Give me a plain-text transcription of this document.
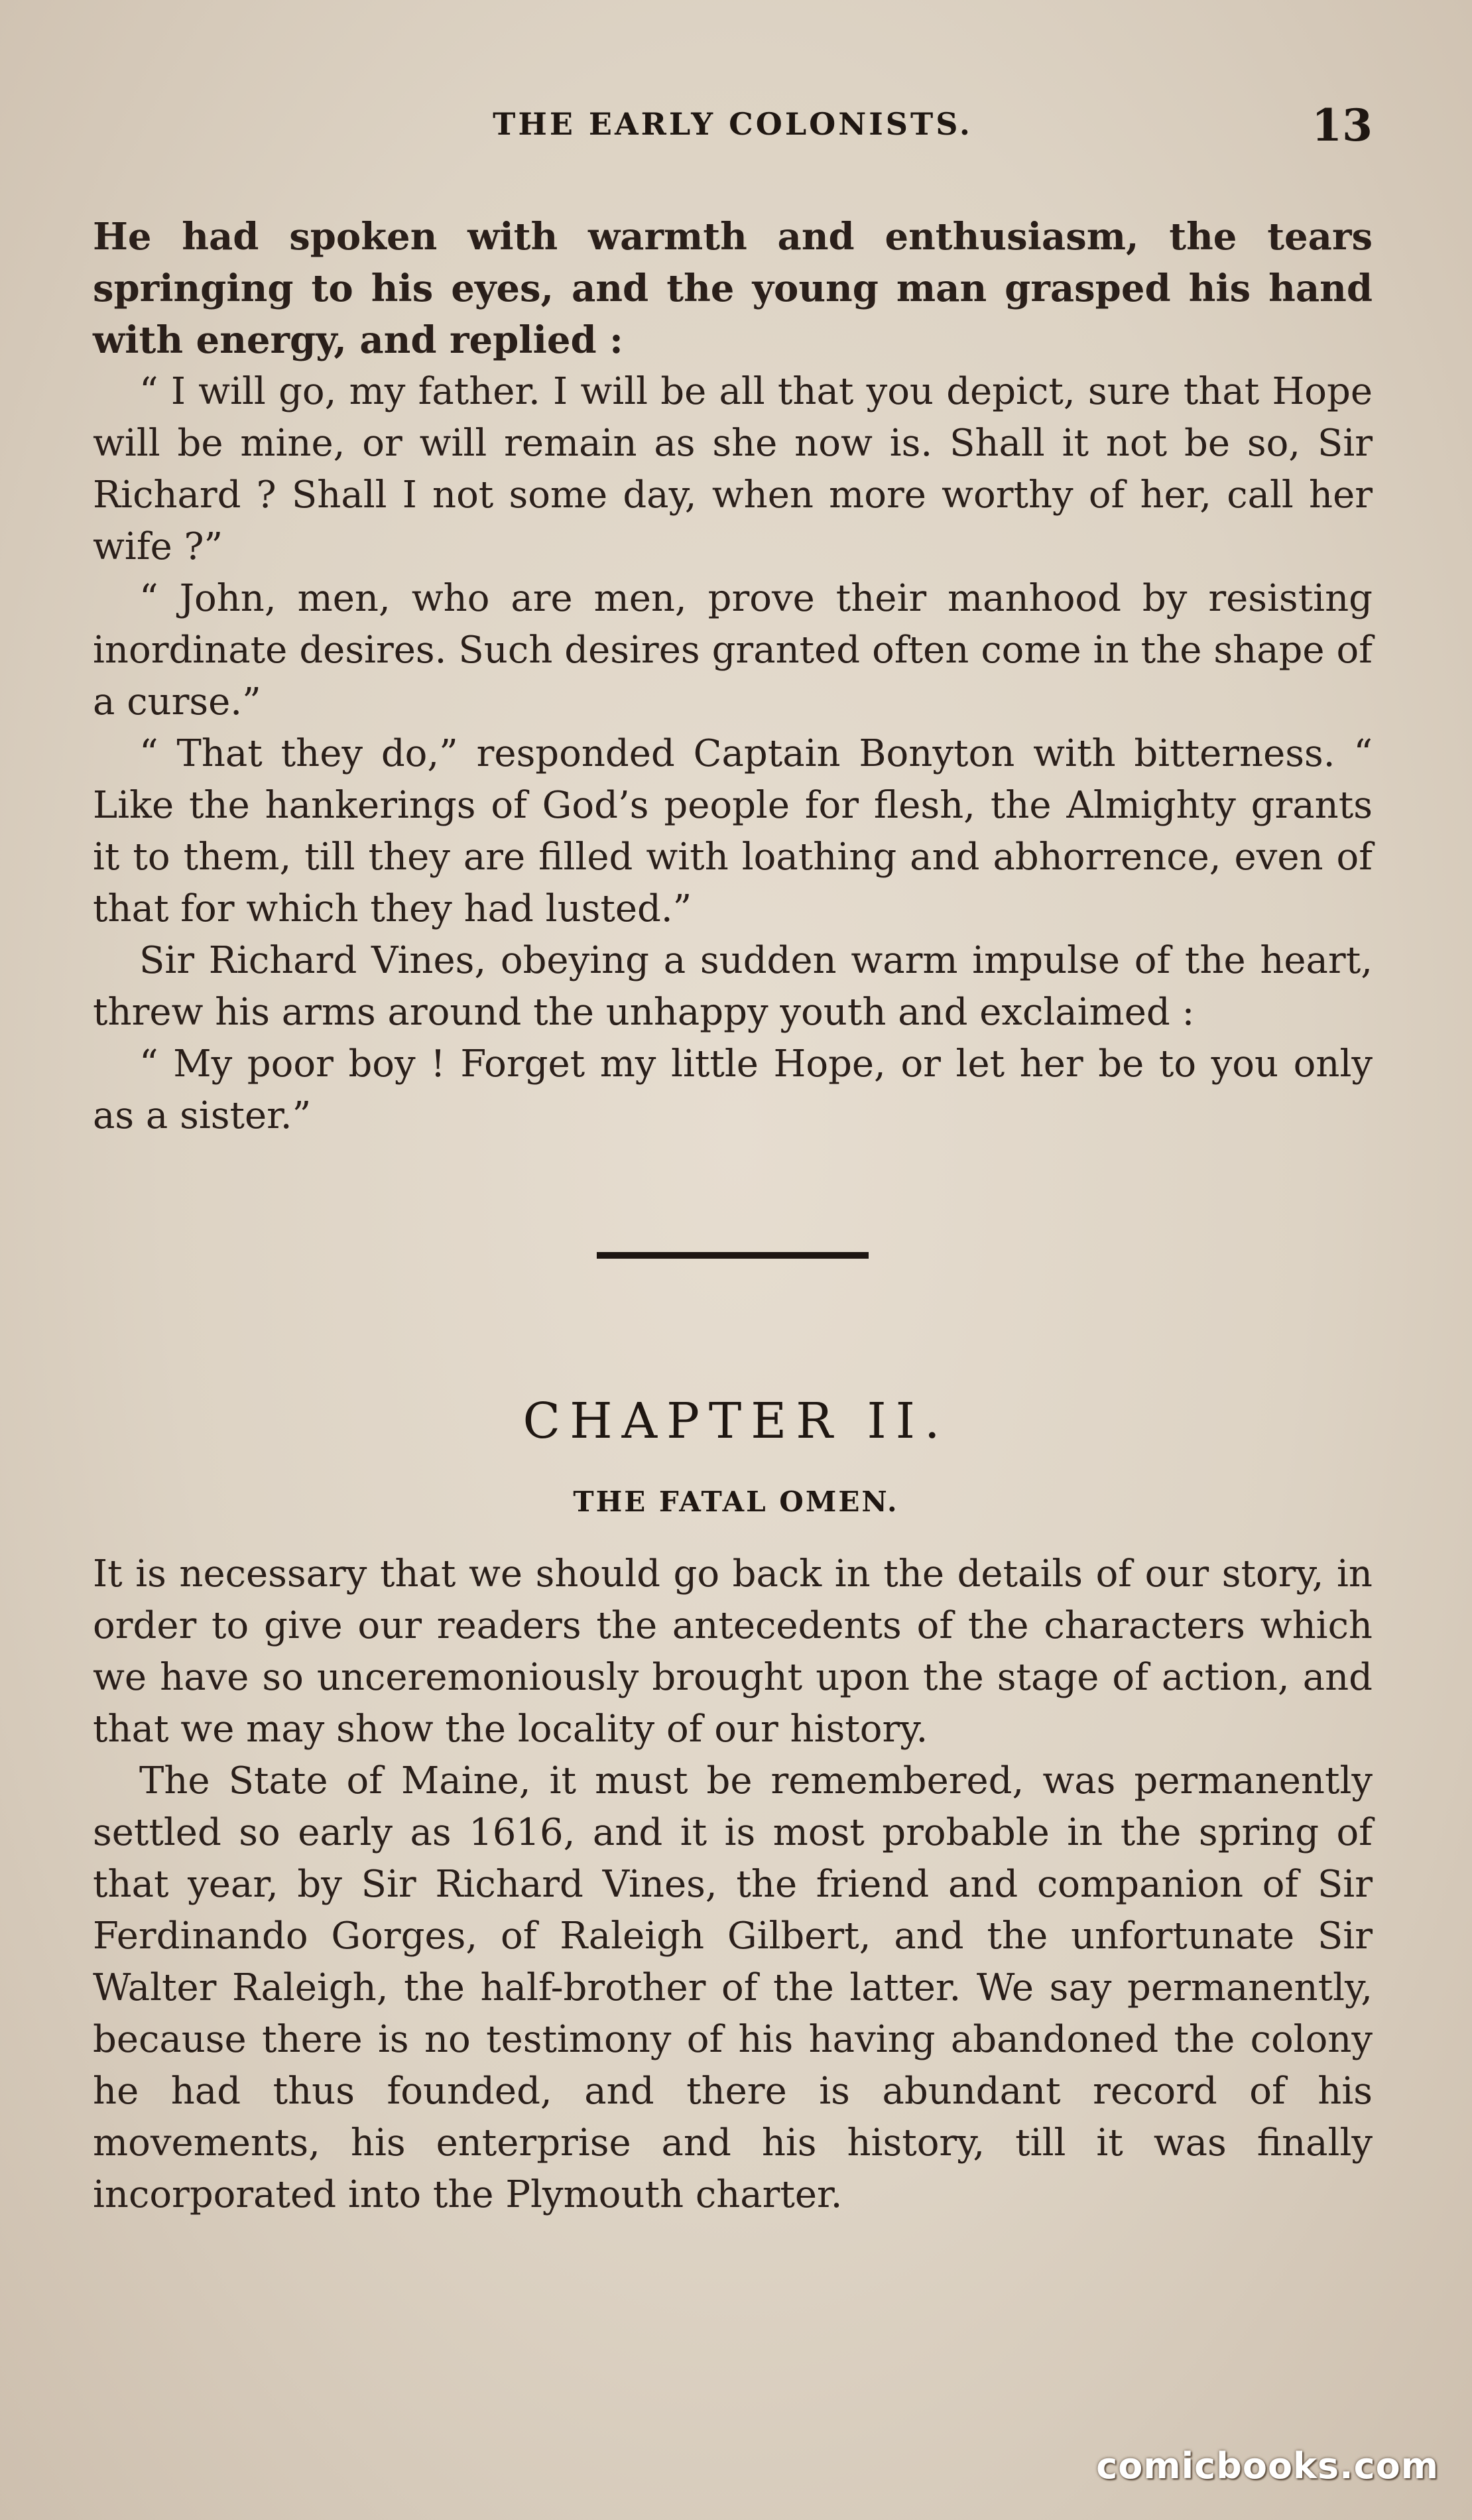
THE EARLY COLONISTS.	13

He had spoken with warmth and enthusiasm, the tears springing to his eyes, and the young man grasped his hand with energy, and replied :

“ I will go, my father. I will be all that you depict, sure that Hope will be mine, or will remain as she now is. Shall it not be so, Sir Richard ? Shall I not some day, when more worthy of her, call her wife ?”

“ John, men, who are men, prove their manhood by resisting inordinate desires. Such desires granted often come in the shape of a curse.”

“ That they do,” responded Captain Bonyton with bitterness. “ Like the hankerings of God’s people for flesh, the Almighty grants it to them, till they are filled with loathing and abhorrence, even of that for which they had lusted.”

Sir Richard Vines, obeying a sudden warm impulse of the heart, threw his arms around the unhappy youth and exclaimed :

“ My poor boy ! Forget my little Hope, or let her be to you only as a sister.”

CHAPTER II.
THE FATAL OMEN.

It is necessary that we should go back in the details of our story, in order to give our readers the antecedents of the characters which we have so unceremoniously brought upon the stage of action, and that we may show the locality of our history.

The State of Maine, it must be remembered, was permanently settled so early as 1616, and it is most probable in the spring of that year, by Sir Richard Vines, the friend and companion of Sir Ferdinando Gorges, of Raleigh Gilbert, and the unfortunate Sir Walter Raleigh, the half-brother of the latter. We say permanently, because there is no testimony of his having abandoned the colony he had thus founded, and there is abundant record of his movements, his enterprise and his history, till it was finally incorporated into the Plymouth charter.

comicbooks.com
